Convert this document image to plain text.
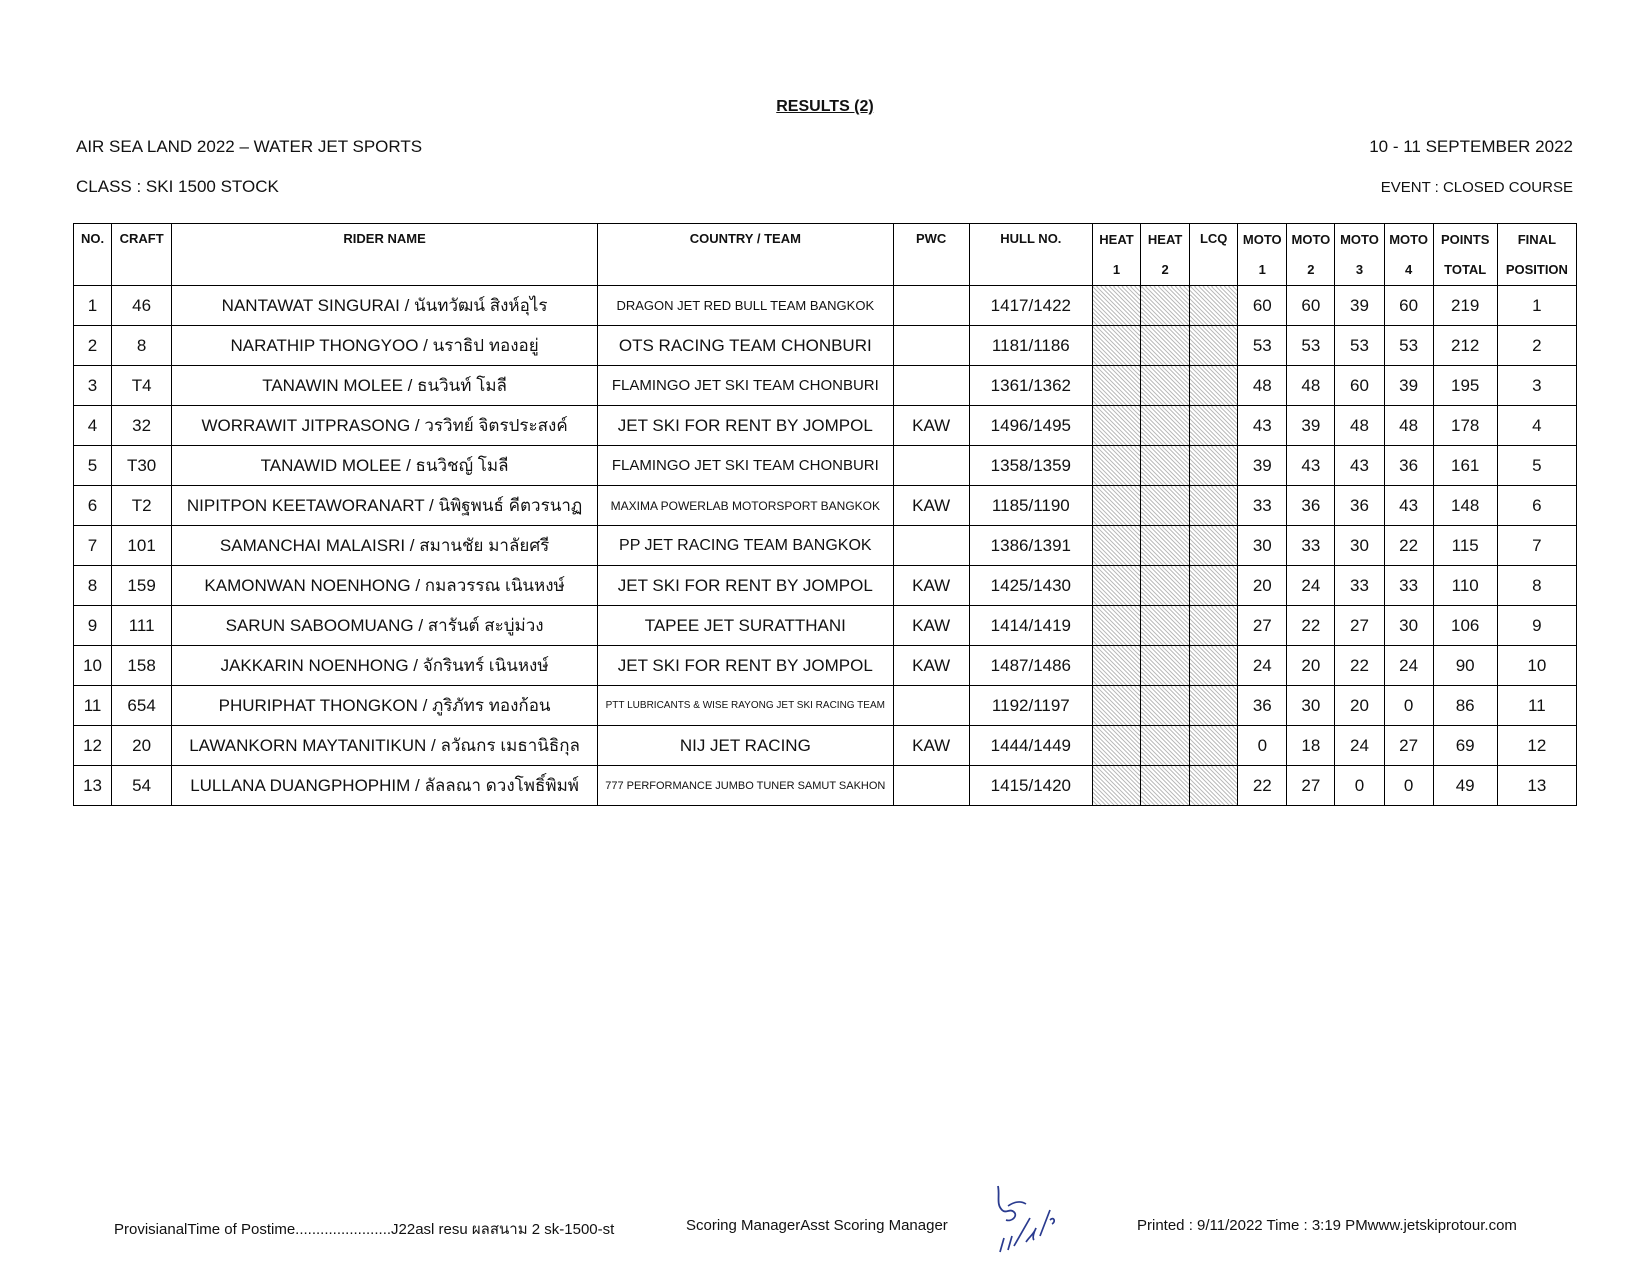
RESULTS (2)
AIR SEA LAND 2022 – WATER JET SPORTS	10 - 11 SEPTEMBER 2022
CLASS : SKI 1500 STOCK	EVENT : CLOSED COURSE
NO.	CRAFT	RIDER NAME	COUNTRY / TEAM	PWC	HULL NO.	HEAT	HEAT	LCQ	MOTO	MOTO	MOTO	MOTO	POINTS	FINAL
						1	2		1	2	3	4	TOTAL	POSITION
1	46	NANTAWAT SINGURAI / นันทวัฒน์ สิงห์อุไร	DRAGON JET RED BULL TEAM BANGKOK		1417/1422				60	60	39	60	219	1
2	8	NARATHIP THONGYOO / นราธิป ทองอยู่	OTS RACING TEAM CHONBURI		1181/1186				53	53	53	53	212	2
3	T4	TANAWIN MOLEE / ธนวินท์ โมลี	FLAMINGO JET SKI TEAM CHONBURI		1361/1362				48	48	60	39	195	3
4	32	WORRAWIT JITPRASONG / วรวิทย์ จิตรประสงค์	JET SKI FOR RENT BY JOMPOL	KAW	1496/1495				43	39	48	48	178	4
5	T30	TANAWID MOLEE / ธนวิชญ์ โมลี	FLAMINGO JET SKI TEAM CHONBURI		1358/1359				39	43	43	36	161	5
6	T2	NIPITPON KEETAWORANART / นิพิฐพนธ์ คีตวรนาฏ	MAXIMA POWERLAB MOTORSPORT BANGKOK	KAW	1185/1190				33	36	36	43	148	6
7	101	SAMANCHAI MALAISRI / สมานชัย มาลัยศรี	PP JET RACING TEAM BANGKOK		1386/1391				30	33	30	22	115	7
8	159	KAMONWAN NOENHONG / กมลวรรณ เนินหงษ์	JET SKI FOR RENT BY JOMPOL	KAW	1425/1430				20	24	33	33	110	8
9	111	SARUN SABOOMUANG / สารันต์ สะบู่ม่วง	TAPEE JET SURATTHANI	KAW	1414/1419				27	22	27	30	106	9
10	158	JAKKARIN NOENHONG / จักรินทร์ เนินหงษ์	JET SKI FOR RENT BY JOMPOL	KAW	1487/1486				24	20	22	24	90	10
11	654	PHURIPHAT THONGKON / ภูริภัทร ทองก้อน	PTT LUBRICANTS & WISE RAYONG JET SKI RACING TEAM		1192/1197				36	30	20	0	86	11
12	20	LAWANKORN MAYTANITIKUN / ลวัณกร เมธานิธิกุล	NIJ JET RACING	KAW	1444/1449				0	18	24	27	69	12
13	54	LULLANA DUANGPHOPHIM / ลัลลณา ดวงโพธิ์พิมพ์	777 PERFORMANCE JUMBO TUNER SAMUT SAKHON		1415/1420				22	27	0	0	49	13
ProvisianalTime of Postime.......................J22asl resu ผลสนาม 2 sk-1500-st	Scoring ManagerAsst Scoring Manager	Printed : 9/11/2022 Time : 3:19 PMwww.jetskiprotour.com
